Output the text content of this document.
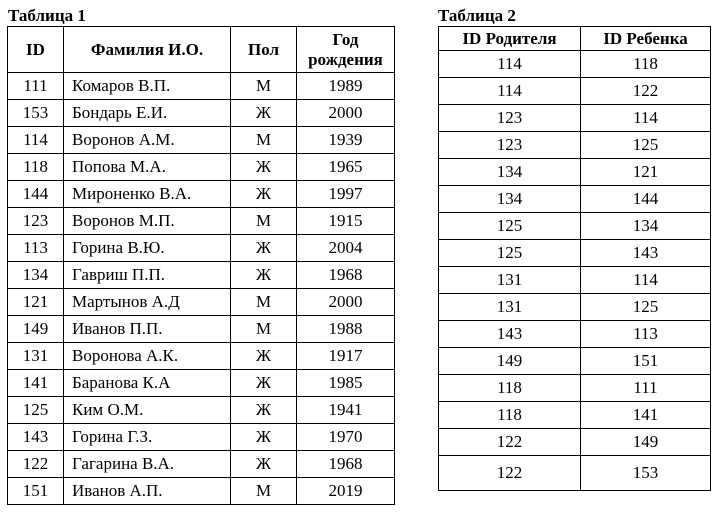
Таблица 1
ID	Фамилия И.О.	Пол	Год рождения
111	Комаров В.П.	М	1989
153	Бондарь Е.И.	Ж	2000
114	Воронов А.М.	М	1939
118	Попова М.А.	Ж	1965
144	Мироненко В.А.	Ж	1997
123	Воронов М.П.	М	1915
113	Горина В.Ю.	Ж	2004
134	Гавриш П.П.	Ж	1968
121	Мартынов А.Д	М	2000
149	Иванов П.П.	М	1988
131	Воронова А.К.	Ж	1917
141	Баранова К.А	Ж	1985
125	Ким О.М.	Ж	1941
143	Горина Г.З.	Ж	1970
122	Гагарина В.А.	Ж	1968
151	Иванов А.П.	М	2019
Таблица 2
ID Родителя	ID Ребенка
114	118
114	122
123	114
123	125
134	121
134	144
125	134
125	143
131	114
131	125
143	113
149	151
118	111
118	141
122	149
122	153
